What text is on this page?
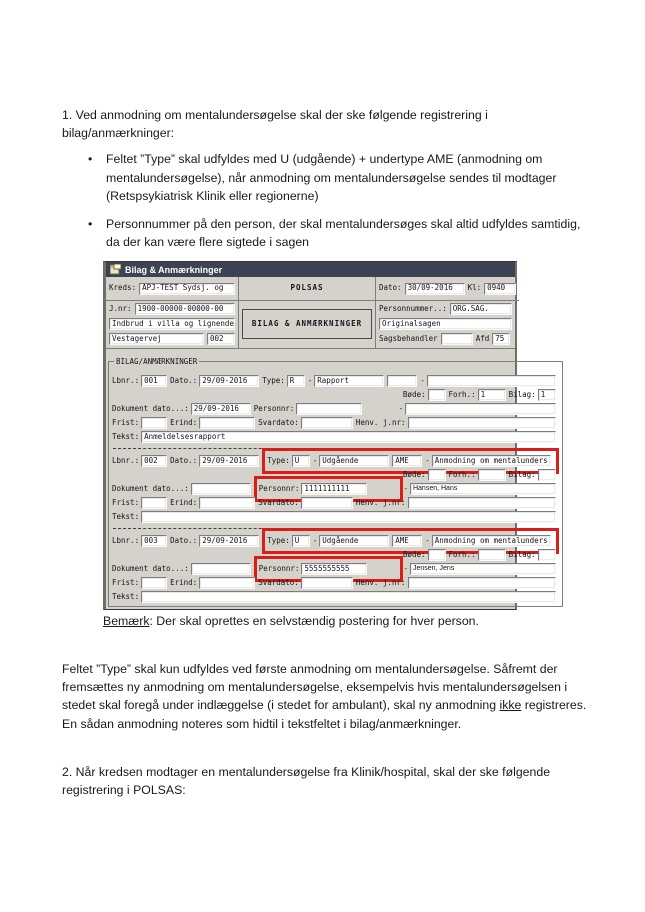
1. Ved anmodning om mentalundersøgelse skal der ske følgende registrering i bilag/anmærkninger:

• Feltet ”Type” skal udfyldes med U (udgående) + undertype AME (anmodning om mentalundersøgelse), når anmodning om mentalundersøgelse sendes til modtager (Retspsykiatrisk Klinik eller regionerne)
• Personnummer på den person, der skal mentalundersøges skal altid udfyldes samtidig, da der kan være flere sigtede i sagen
Bilag & Anmærkninger
Kreds: APJ-TEST Sydsj. og	POLSAS	Dato: 30/09-2016	Kl: 0940
J.nr: 1900-00000-00000-00
Indbrud i villa og lignende
Vestagervej	002
BILAG & ANMÆRKNINGER
Personnummer..: ORG.SAG.
Originalsagen
Sagsbehandler	Afd 75
BILAG/ANMÆRKNINGER
Lbnr.: 001	Dato.: 29/09-2016	Type: R	- Rapport	-
Bøde:	Forh.: 1	Bilag: 1
Dokument dato...: 29/09-2016	Personnr:	-
Frist:	Erind:	Svardato:	Henv. j.nr:
Tekst: Anmeldelsesrapport
Lbnr.: 002	Dato.: 29/09-2016	Type: U	- Udgående	AME	- Anmodning om mentalunders
Bøde:	Forh.:	Bilag:
Dokument dato...:	Personnr: 1111111111	- Hansen, Hans
Frist:	Erind:	Svardato:	Henv. j.nr:
Tekst:
Lbnr.: 003	Dato.: 29/09-2016	Type: U	- Udgående	AME	- Anmodning om mentalunders
Bøde:	Forh.:	Bilag:
Dokument dato...:	Personnr: 5555555555	- Jensen, Jens
Frist:	Erind:	Svardato:	Henv. j.nr:
Tekst:

Bemærk: Der skal oprettes en selvstændig postering for hver person.

Feltet ”Type” skal kun udfyldes ved første anmodning om mentalundersøgelse. Såfremt der fremsættes ny anmodning om mentalundersøgelse, eksempelvis hvis mentalundersøgelsen i stedet skal foregå under indlæggelse (i stedet for ambulant), skal ny anmodning ikke registreres. En sådan anmodning noteres som hidtil i tekstfeltet i bilag/anmærkninger.

2. Når kredsen modtager en mentalundersøgelse fra Klinik/hospital, skal der ske følgende registrering i POLSAS:
